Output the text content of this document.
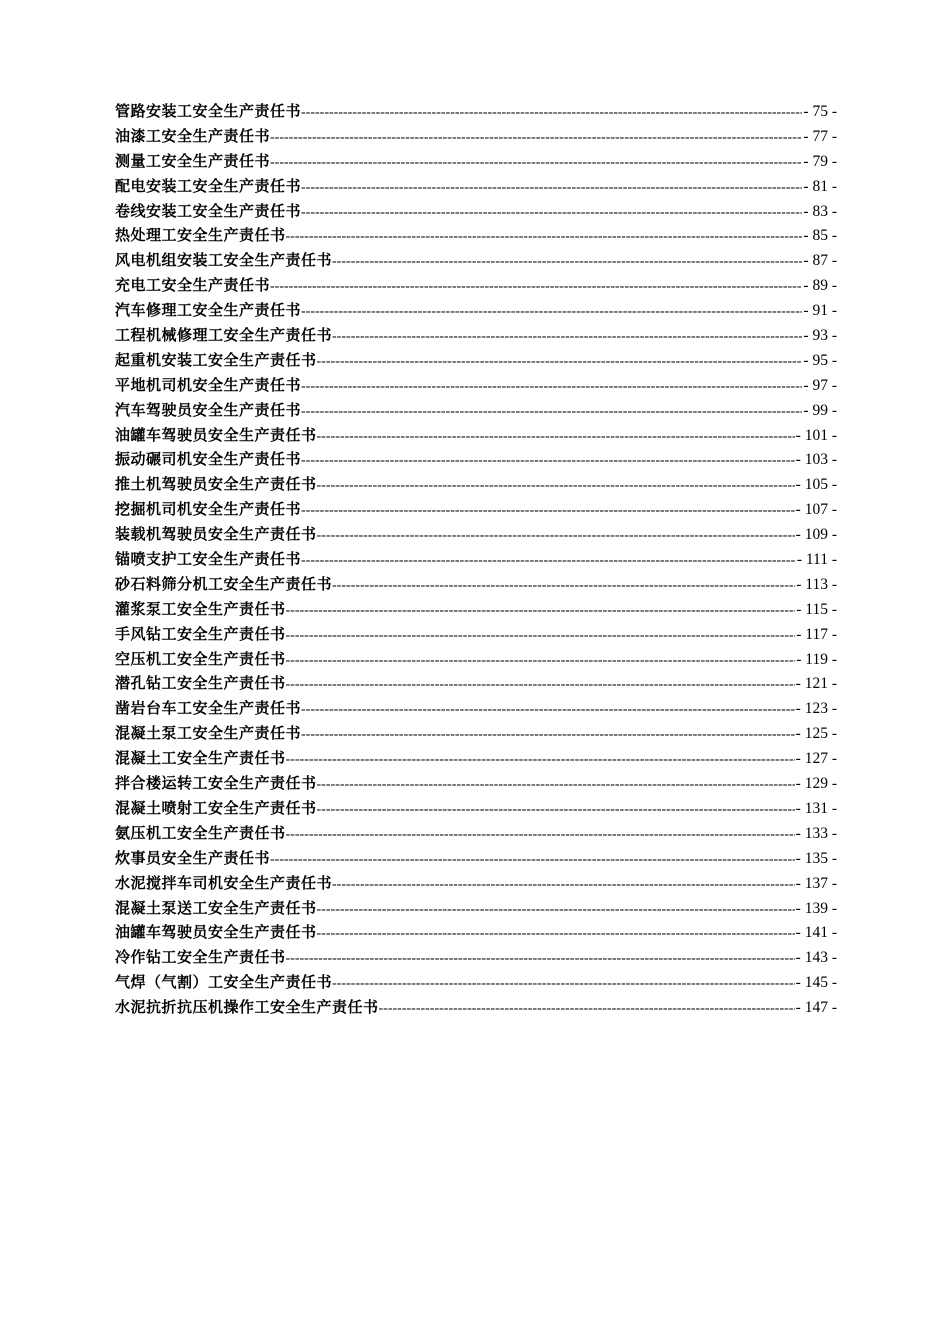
管路安装工安全生产责任书 -----	- 75 -
油漆工安全生产责任书 -----	- 77 -
测量工安全生产责任书 -----	- 79 -
配电安装工安全生产责任书 -----	- 81 -
卷线安装工安全生产责任书 -----	- 83 -
热处理工安全生产责任书 -----	- 85 -
风电机组安装工安全生产责任书 -----	- 87 -
充电工安全生产责任书 -----	- 89 -
汽车修理工安全生产责任书 -----	- 91 -
工程机械修理工安全生产责任书 -----	- 93 -
起重机安装工安全生产责任书 -----	- 95 -
平地机司机安全生产责任书 -----	- 97 -
汽车驾驶员安全生产责任书 -----	- 99 -
油罐车驾驶员安全生产责任书 -----	- 101 -
振动碾司机安全生产责任书 -----	- 103 -
推土机驾驶员安全生产责任书 -----	- 105 -
挖掘机司机安全生产责任书 -----	- 107 -
装载机驾驶员安全生产责任书 -----	- 109 -
锚喷支护工安全生产责任书 -----	- 111 -
砂石料筛分机工安全生产责任书 -----	- 113 -
灌浆泵工安全生产责任书 -----	- 115 -
手风钻工安全生产责任书 -----	- 117 -
空压机工安全生产责任书 -----	- 119 -
潜孔钻工安全生产责任书 -----	- 121 -
凿岩台车工安全生产责任书 -----	- 123 -
混凝土泵工安全生产责任书 -----	- 125 -
混凝土工安全生产责任书 -----	- 127 -
拌合楼运转工安全生产责任书 -----	- 129 -
混凝土喷射工安全生产责任书 -----	- 131 -
氨压机工安全生产责任书 -----	- 133 -
炊事员安全生产责任书 -----	- 135 -
水泥搅拌车司机安全生产责任书 -----	- 137 -
混凝土泵送工安全生产责任书 -----	- 139 -
油罐车驾驶员安全生产责任书 -----	- 141 -
冷作钻工安全生产责任书 -----	- 143 -
气焊（气割）工安全生产责任书 -----	- 145 -
水泥抗折抗压机操作工安全生产责任书 -----	- 147 -
